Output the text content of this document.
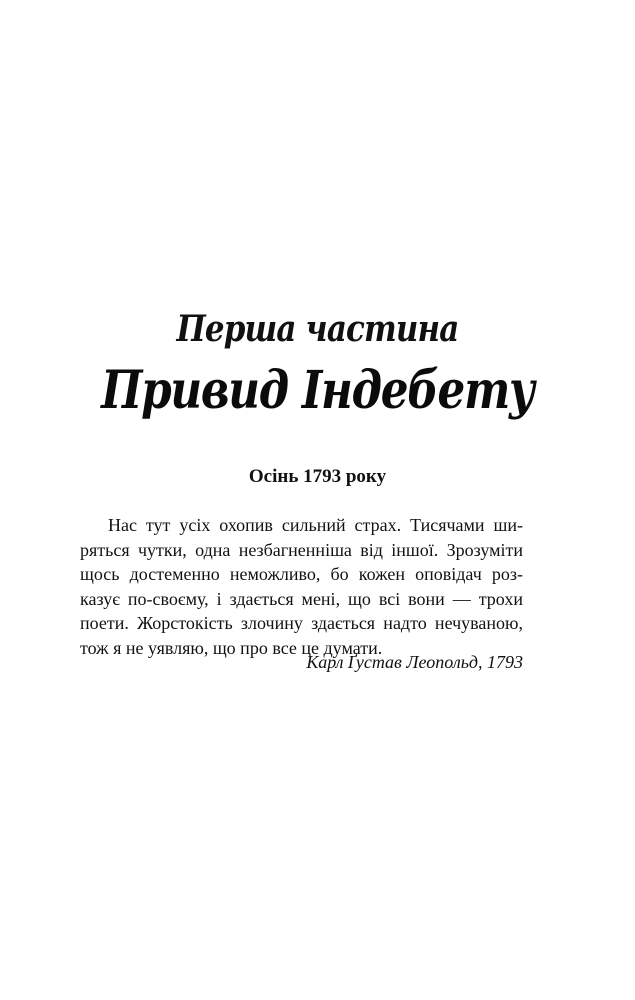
Перша частина
Привид Індебету
Осінь 1793 року
Нас тут усіх охопив сильний страх. Тисячами ши-
ряться чутки, одна незбагненніша від іншої. Зрозуміти
щось достеменно неможливо, бо кожен оповідач роз-
казує по-своєму, і здається мені, що всі вони — трохи
поети. Жорстокість злочину здається надто нечуваною,
тож я не уявляю, що про все це думати.
Карл Ґустав Леопольд, 1793
